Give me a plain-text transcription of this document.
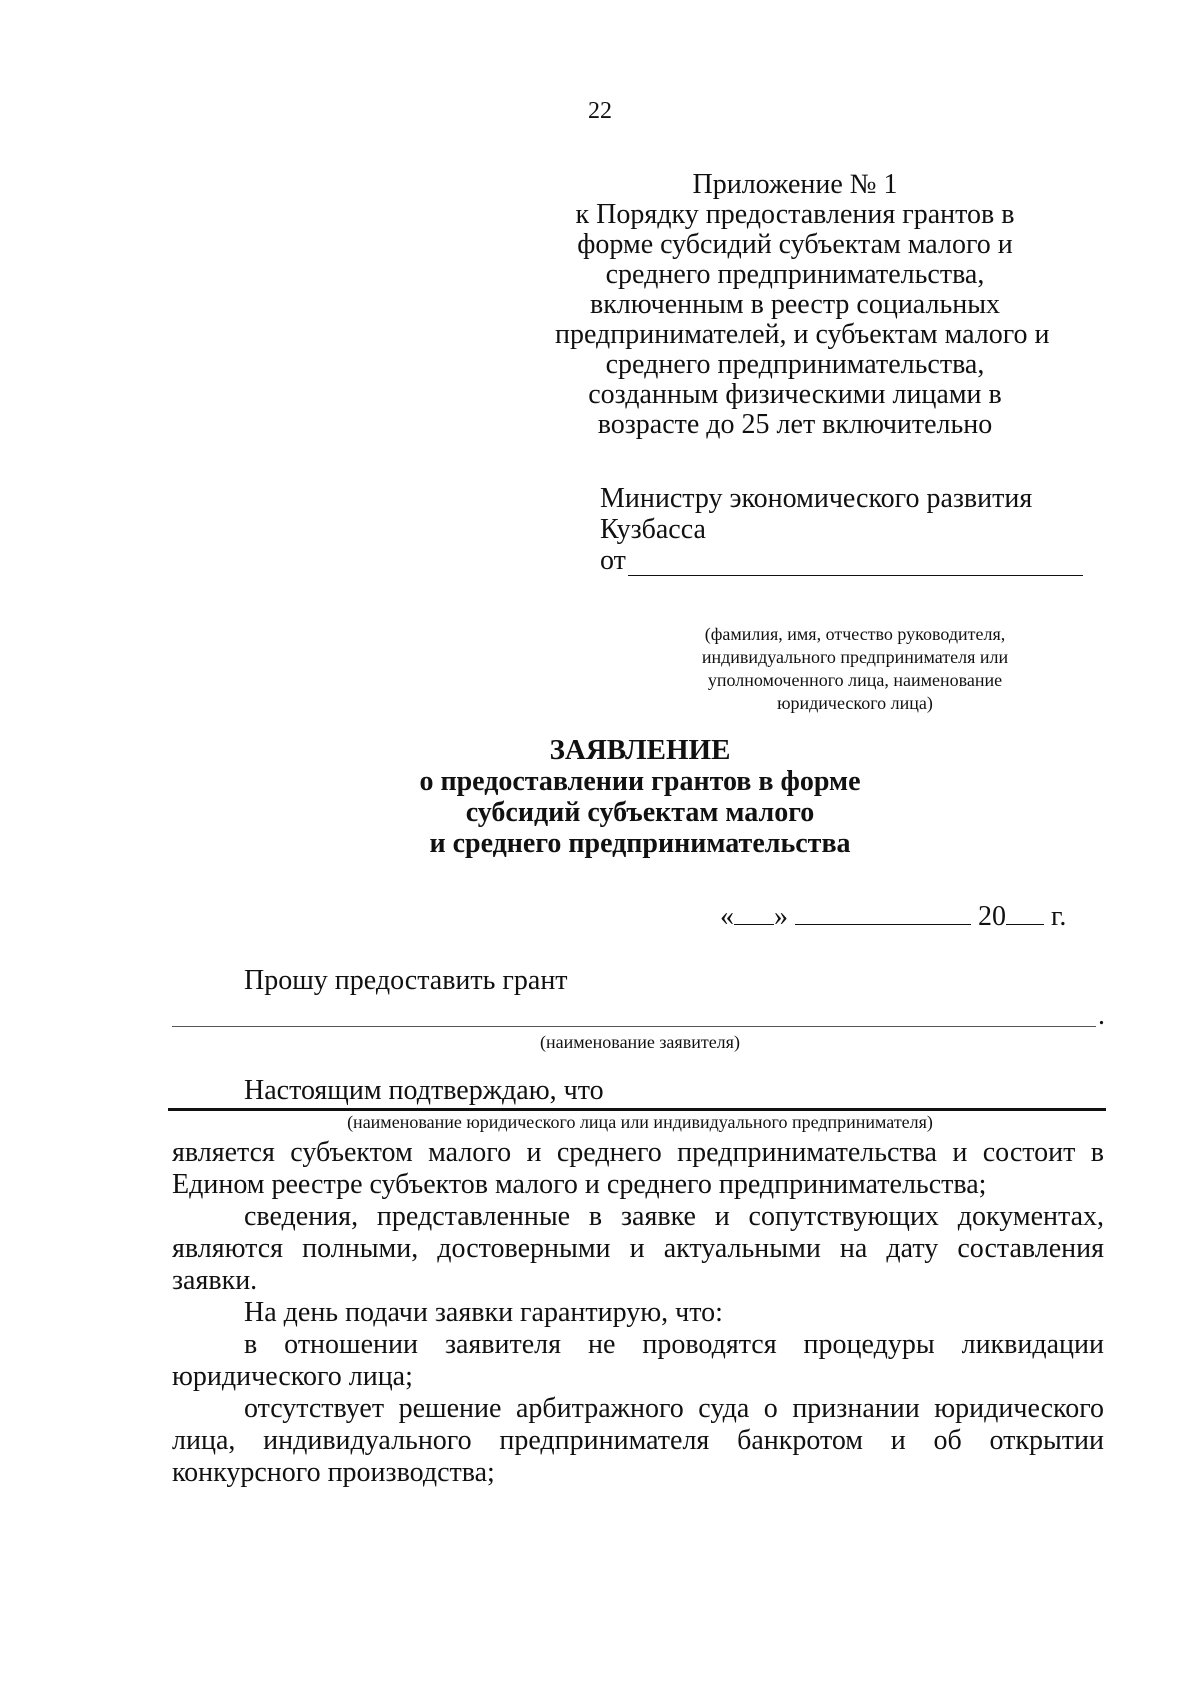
22
Приложение № 1
к Порядку предоставления грантов в
форме субсидий субъектам малого и
среднего предпринимательства,
включенным в реестр социальных
предпринимателей, и субъектам малого и
среднего предпринимательства,
созданным физическими лицами в
возрасте до 25 лет включительно
Министру экономического развития
Кузбасса
от
(фамилия, имя, отчество руководителя,
индивидуального предпринимателя или
уполномоченного лица, наименование
юридического лица)
ЗАЯВЛЕНИЕ
о предоставлении грантов в форме
субсидий субъектам малого
и среднего предпринимательства
« »	20 г.
Прошу предоставить грант
.
(наименование заявителя)
Настоящим подтверждаю, что
(наименование юридического лица или индивидуального предпринимателя)

является субъектом малого и среднего предпринимательства и состоит в Едином реестре субъектов малого и среднего предпринимательства;

сведения, представленные в заявке и сопутствующих документах, являются полными, достоверными и актуальными на дату составления заявки.

На день подачи заявки гарантирую, что:

в отношении заявителя не проводятся процедуры ликвидации юридического лица;

отсутствует решение арбитражного суда о признании юридического лица, индивидуального предпринимателя банкротом и об открытии конкурсного производства;
